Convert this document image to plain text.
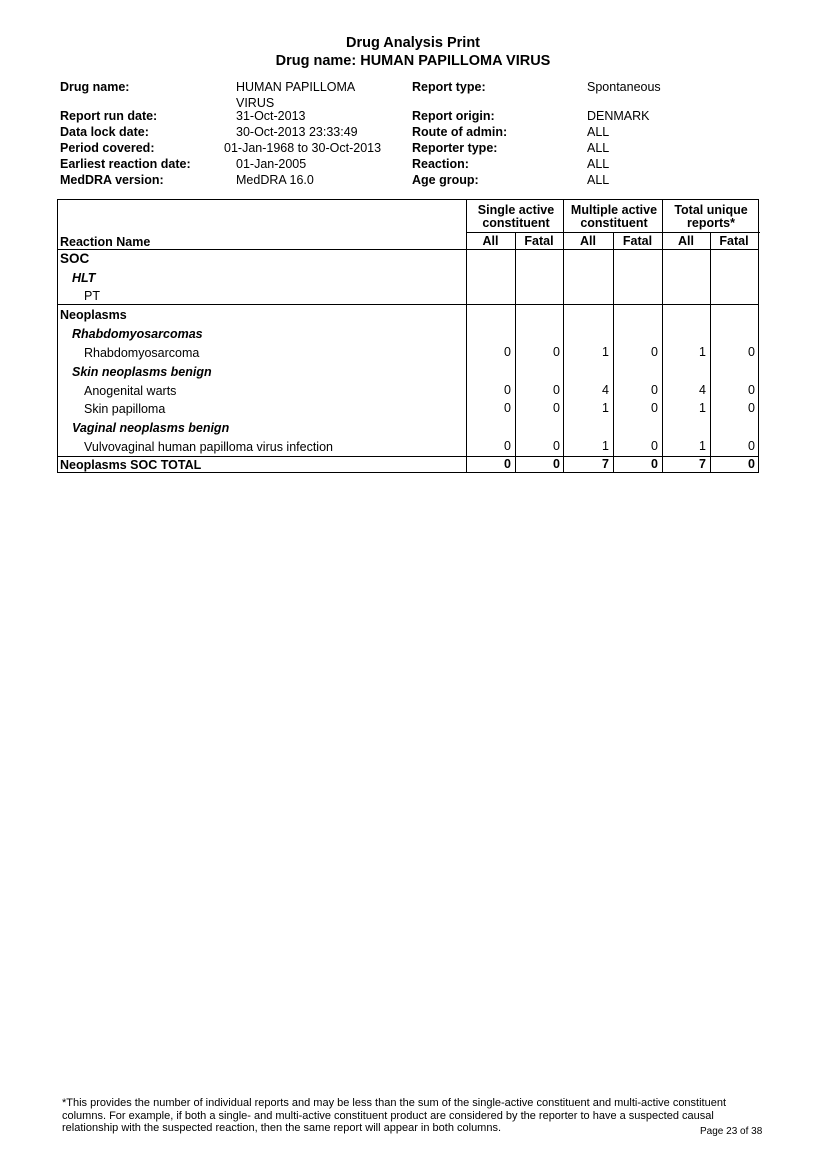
Drug Analysis Print
Drug name: HUMAN PAPILLOMA VIRUS
Drug name:	HUMAN PAPILLOMA VIRUS
Report run date:	31-Oct-2013
Data lock date:	30-Oct-2013 23:33:49
Period covered:	01-Jan-1968 to 30-Oct-2013
Earliest reaction date:	01-Jan-2005
MedDRA version:	MedDRA 16.0
Report type:	Spontaneous
Report origin:	DENMARK
Route of admin:	ALL
Reporter type:	ALL
Reaction:	ALL
Age group:	ALL
Single active constituent
Multiple active constituent
Total unique reports*
Reaction Name	All	Fatal	All	Fatal	All	Fatal
SOC
HLT
PT
Neoplasms
Rhabdomyosarcomas
Rhabdomyosarcoma	0	0	1	0	1	0
Skin neoplasms benign
Anogenital warts	0	0	4	0	4	0
Skin papilloma	0	0	1	0	1	0
Vaginal neoplasms benign
Vulvovaginal human papilloma virus infection	0	0	1	0	1	0
Neoplasms SOC TOTAL	0	0	7	0	7	0
*This provides the number of individual reports and may be less than the sum of the single-active constituent and multi-active constituent columns. For example, if both a single- and multi-active constituent product are considered by the reporter to have a suspected causal relationship with the suspected reaction, then the same report will appear in both columns.	Page 23 of 38
